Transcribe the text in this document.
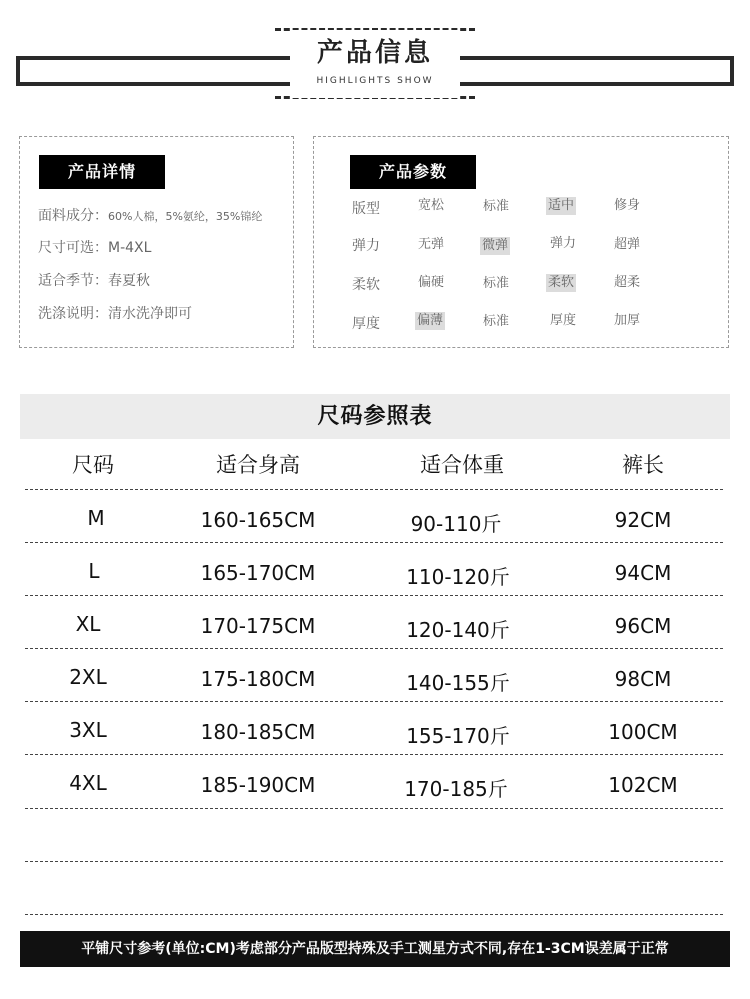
产品信息
HIGHLIGHTS SHOW
产品详情
面料成分：60%人棉，5%氨纶，35%锦纶
尺寸可选：M-4XL
适合季节：春夏秋
洗涤说明：清水洗净即可
产品参数
版型	宽松	标准	适中	修身
弹力	无弹	微弹	弹力	超弹
柔软	偏硬	标准	柔软	超柔
厚度	偏薄	标准	厚度	加厚
尺码参照表
尺码	适合身高	适合体重	裤长
M	160-165CM	90-110斤	92CM
L	165-170CM	110-120斤	94CM
XL	170-175CM	120-140斤	96CM
2XL	175-180CM	140-155斤	98CM
3XL	180-185CM	155-170斤	100CM
4XL	185-190CM	170-185斤	102CM
平铺尺寸参考(单位:CM)考虑部分产品版型持殊及手工测星方式不同,存在1-3CM误差属于正常
